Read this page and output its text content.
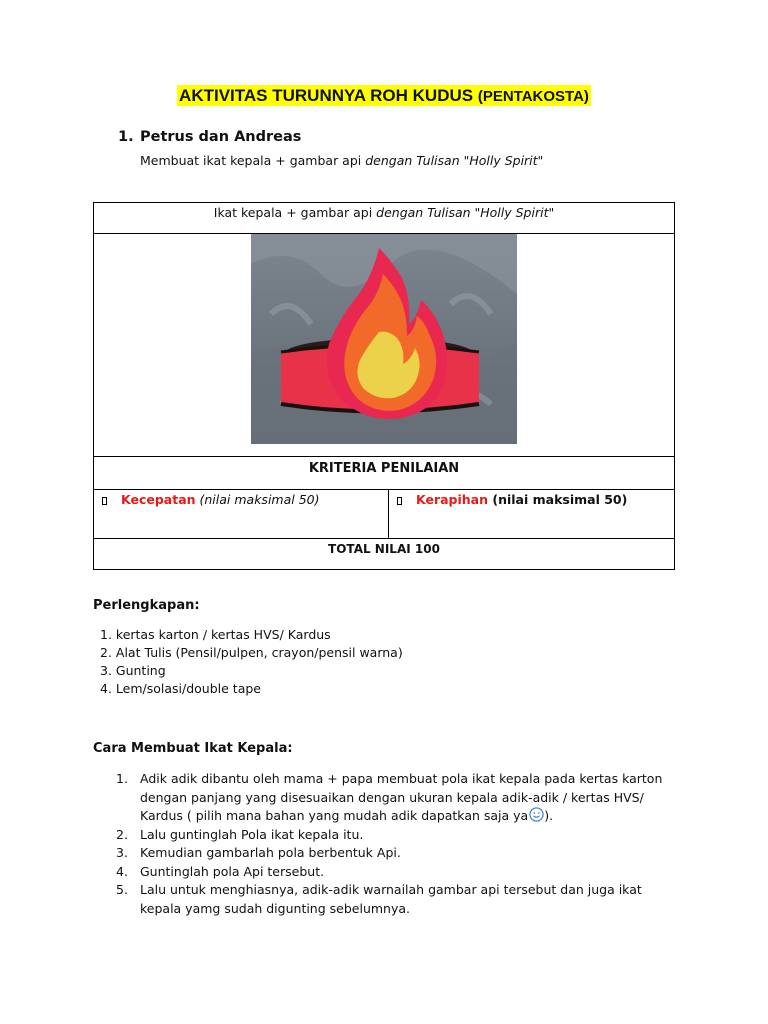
AKTIVITAS TURUNNYA ROH KUDUS (PENTAKOSTA)
1. Petrus dan Andreas
Membuat ikat kepala + gambar api dengan Tulisan "Holly Spirit"
Ikat kepala + gambar api dengan Tulisan "Holly Spirit"

KRITERIA PENILAIAN

Kecepatan (nilai maksimal 50)	Kerapihan (nilai maksimal 50)

TOTAL NILAI 100
Perlengkapan:
1. kertas karton / kertas HVS/ Kardus
2. Alat Tulis (Pensil/pulpen, crayon/pensil warna)
3. Gunting
4. Lem/solasi/double tape
Cara Membuat Ikat Kepala:
1. Adik adik dibantu oleh mama + papa membuat pola ikat kepala pada kertas karton dengan panjang yang disesuaikan dengan ukuran kepala adik-adik / kertas HVS/ Kardus ( pilih mana bahan yang mudah adik dapatkan saja ya ).
2. Lalu guntinglah Pola ikat kepala itu.
3. Kemudian gambarlah pola berbentuk Api.
4. Guntinglah pola Api tersebut.
5. Lalu untuk menghiasnya, adik-adik warnailah gambar api tersebut dan juga ikat kepala yamg sudah digunting sebelumnya.
